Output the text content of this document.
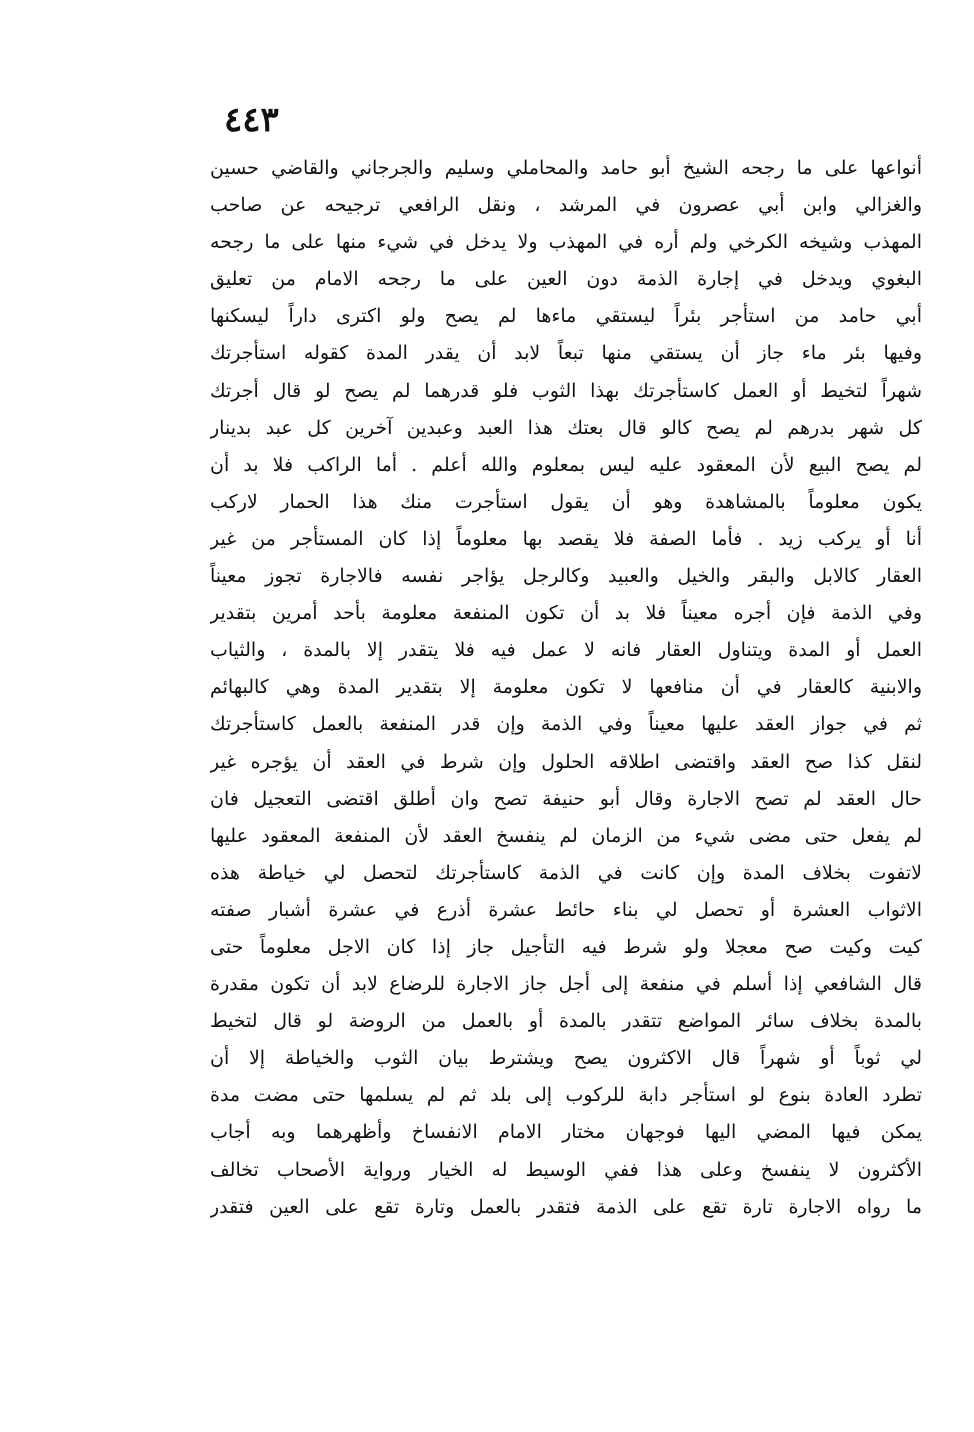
٤٤٣
أنواعها على ما رجحه الشيخ أبو حامد والمحاملي وسليم والجرجاني والقاضي حسين
والغزالي وابن أبي عصرون في المرشد ، ونقل الرافعي ترجيحه عن صاحب
المهذب وشيخه الكرخي ولم أره في المهذب ولا يدخل في شيء منها على ما رجحه
البغوي ويدخل في إجارة الذمة دون العين على ما رجحه الامام من تعليق
أبي حامد من استأجر بئراً ليستقي ماءها لم يصح ولو اكترى داراً ليسكنها
وفيها بئر ماء جاز أن يستقي منها تبعاً لابد أن يقدر المدة كقوله استأجرتك
شهراً لتخيط أو العمل كاستأجرتك بهذا الثوب فلو قدرهما لم يصح لو قال أجرتك
كل شهر بدرهم لم يصح كالو قال بعتك هذا العبد وعبدين آخرين كل عبد بدينار
لم يصح البيع لأن المعقود عليه ليس بمعلوم والله أعلم . أما الراكب فلا بد أن
يكون معلوماً بالمشاهدة وهو أن يقول استأجرت منك هذا الحمار لاركب
أنا أو يركب زيد . فأما الصفة فلا يقصد بها معلوماً إذا كان المستأجر من غير
العقار كالابل والبقر والخيل والعبيد وكالرجل يؤاجر نفسه فالاجارة تجوز معيناً
وفي الذمة فإن أجره معيناً فلا بد أن تكون المنفعة معلومة بأحد أمرين بتقدير
العمل أو المدة ويتناول العقار فانه لا عمل فيه فلا يتقدر إلا بالمدة ، والثياب
والابنية كالعقار في أن منافعها لا تكون معلومة إلا بتقدير المدة وهي كالبهائم
ثم في جواز العقد عليها معيناً وفي الذمة وإن قدر المنفعة بالعمل كاستأجرتك
لنقل كذا صح العقد واقتضى اطلاقه الحلول وإن شرط في العقد أن يؤجره غير
حال العقد لم تصح الاجارة وقال أبو حنيفة تصح وان أطلق اقتضى التعجيل فان
لم يفعل حتى مضى شيء من الزمان لم ينفسخ العقد لأن المنفعة المعقود عليها
لاتفوت بخلاف المدة وإن كانت في الذمة كاستأجرتك لتحصل لي خياطة هذه
الاثواب العشرة أو تحصل لي بناء حائط عشرة أذرع في عشرة أشبار صفته
كيت وكيت صح معجلا ولو شرط فيه التأجيل جاز إذا كان الاجل معلوماً حتى
قال الشافعي إذا أسلم في منفعة إلى أجل جاز الاجارة للرضاع لابد أن تكون مقدرة
بالمدة بخلاف سائر المواضع تتقدر بالمدة أو بالعمل من الروضة لو قال لتخيط
لي ثوباً أو شهراً قال الاكثرون يصح ويشترط بيان الثوب والخياطة إلا أن
تطرد العادة بنوع لو استأجر دابة للركوب إلى بلد ثم لم يسلمها حتى مضت مدة
يمكن فيها المضي اليها فوجهان مختار الامام الانفساخ وأظهرهما وبه أجاب
الأكثرون لا ينفسخ وعلى هذا ففي الوسيط له الخيار ورواية الأصحاب تخالف
ما رواه الاجارة تارة تقع على الذمة فتقدر بالعمل وتارة تقع على العين فتقدر
